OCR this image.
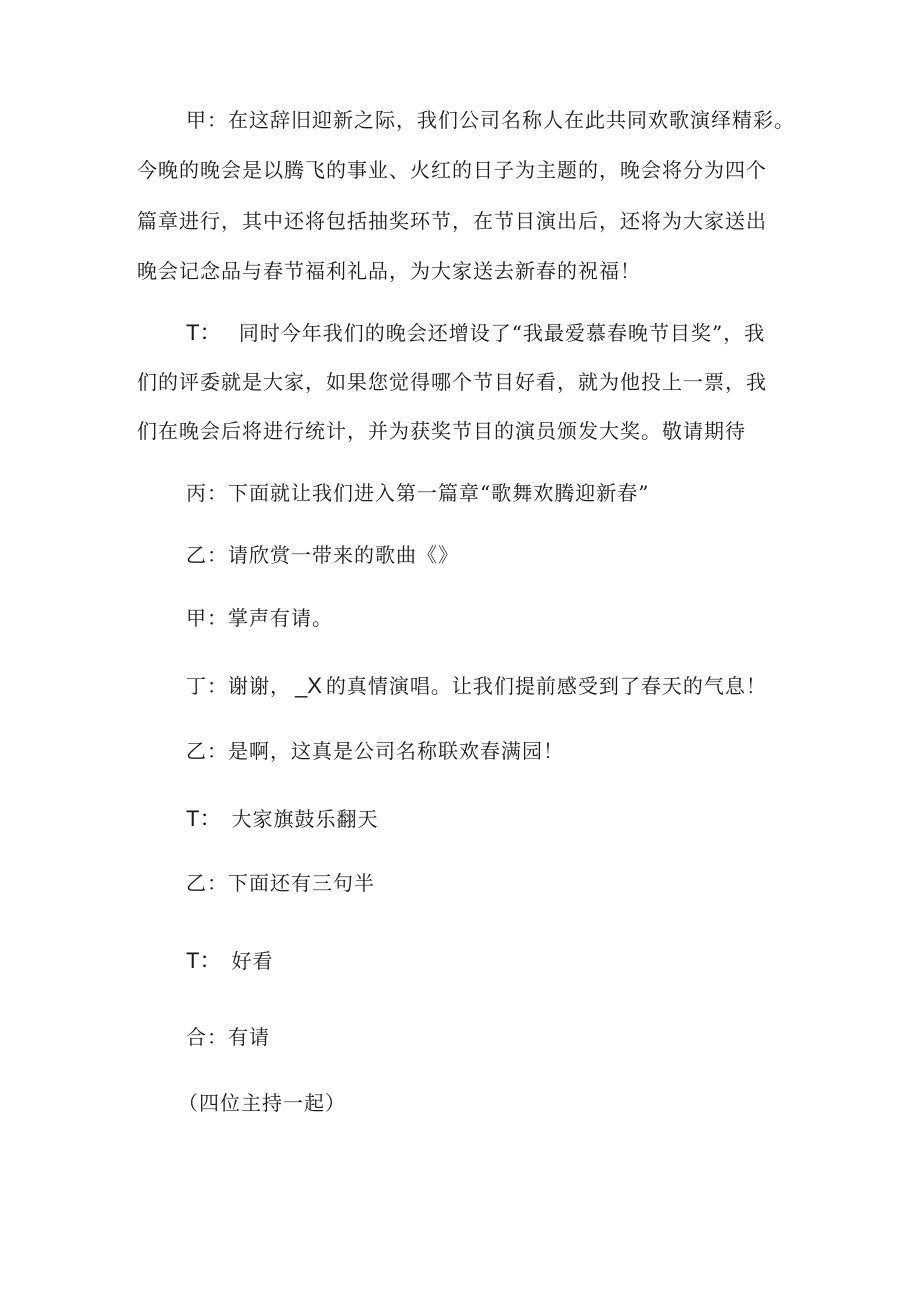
甲：在这辞旧迎新之际，我们公司名称人在此共同欢歌演绎精彩。
今晚的晚会是以腾飞的事业、火红的日子为主题的，晚会将分为四个
篇章进行，其中还将包括抽奖环节，在节目演出后，还将为大家送出
晚会记念品与春节福利礼品，为大家送去新春的祝福！
T： 同时今年我们的晚会还增设了“我最爱慕春晚节目奖”，我
们的评委就是大家，如果您觉得哪个节目好看，就为他投上一票，我
们在晚会后将进行统计，并为获奖节目的演员颁发大奖。敬请期待
丙：下面就让我们进入第一篇章“歌舞欢腾迎新春”
乙：请欣赏一带来的歌曲《》
甲：掌声有请。
丁：谢谢， _X 的真情演唱。让我们提前感受到了春天的气息！
乙：是啊，这真是公司名称联欢春满园！
T： 大家旗鼓乐翻天
乙：下面还有三句半
T： 好看
合：有请
（四位主持一起）
